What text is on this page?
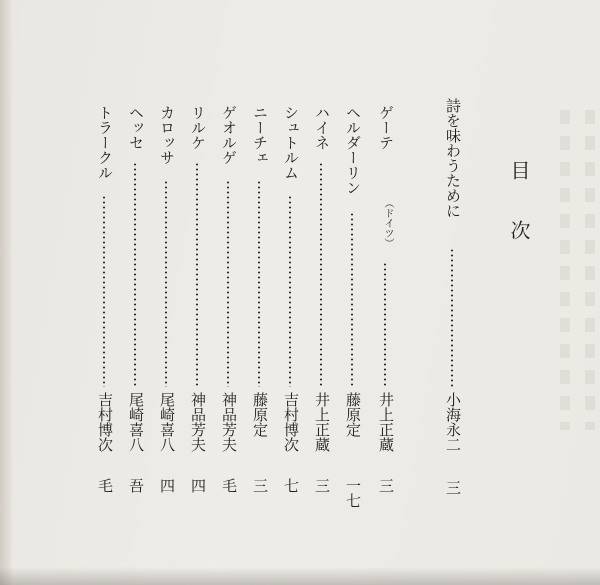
目次
詩を味わうために
小海永二
三
ゲーテ
（ドイツ）
井上正蔵
三
ヘルダーリン
藤原定
一七
ハイネ
井上正蔵
三
シュトルム
吉村博次
七
ニーチェ
藤原定
三
ゲオルゲ
神品芳夫
毛
リルケ
神品芳夫
四
カロッサ
尾崎喜八
四
ヘッセ
尾崎喜八
吾
トラークル
吉村博次
毛
